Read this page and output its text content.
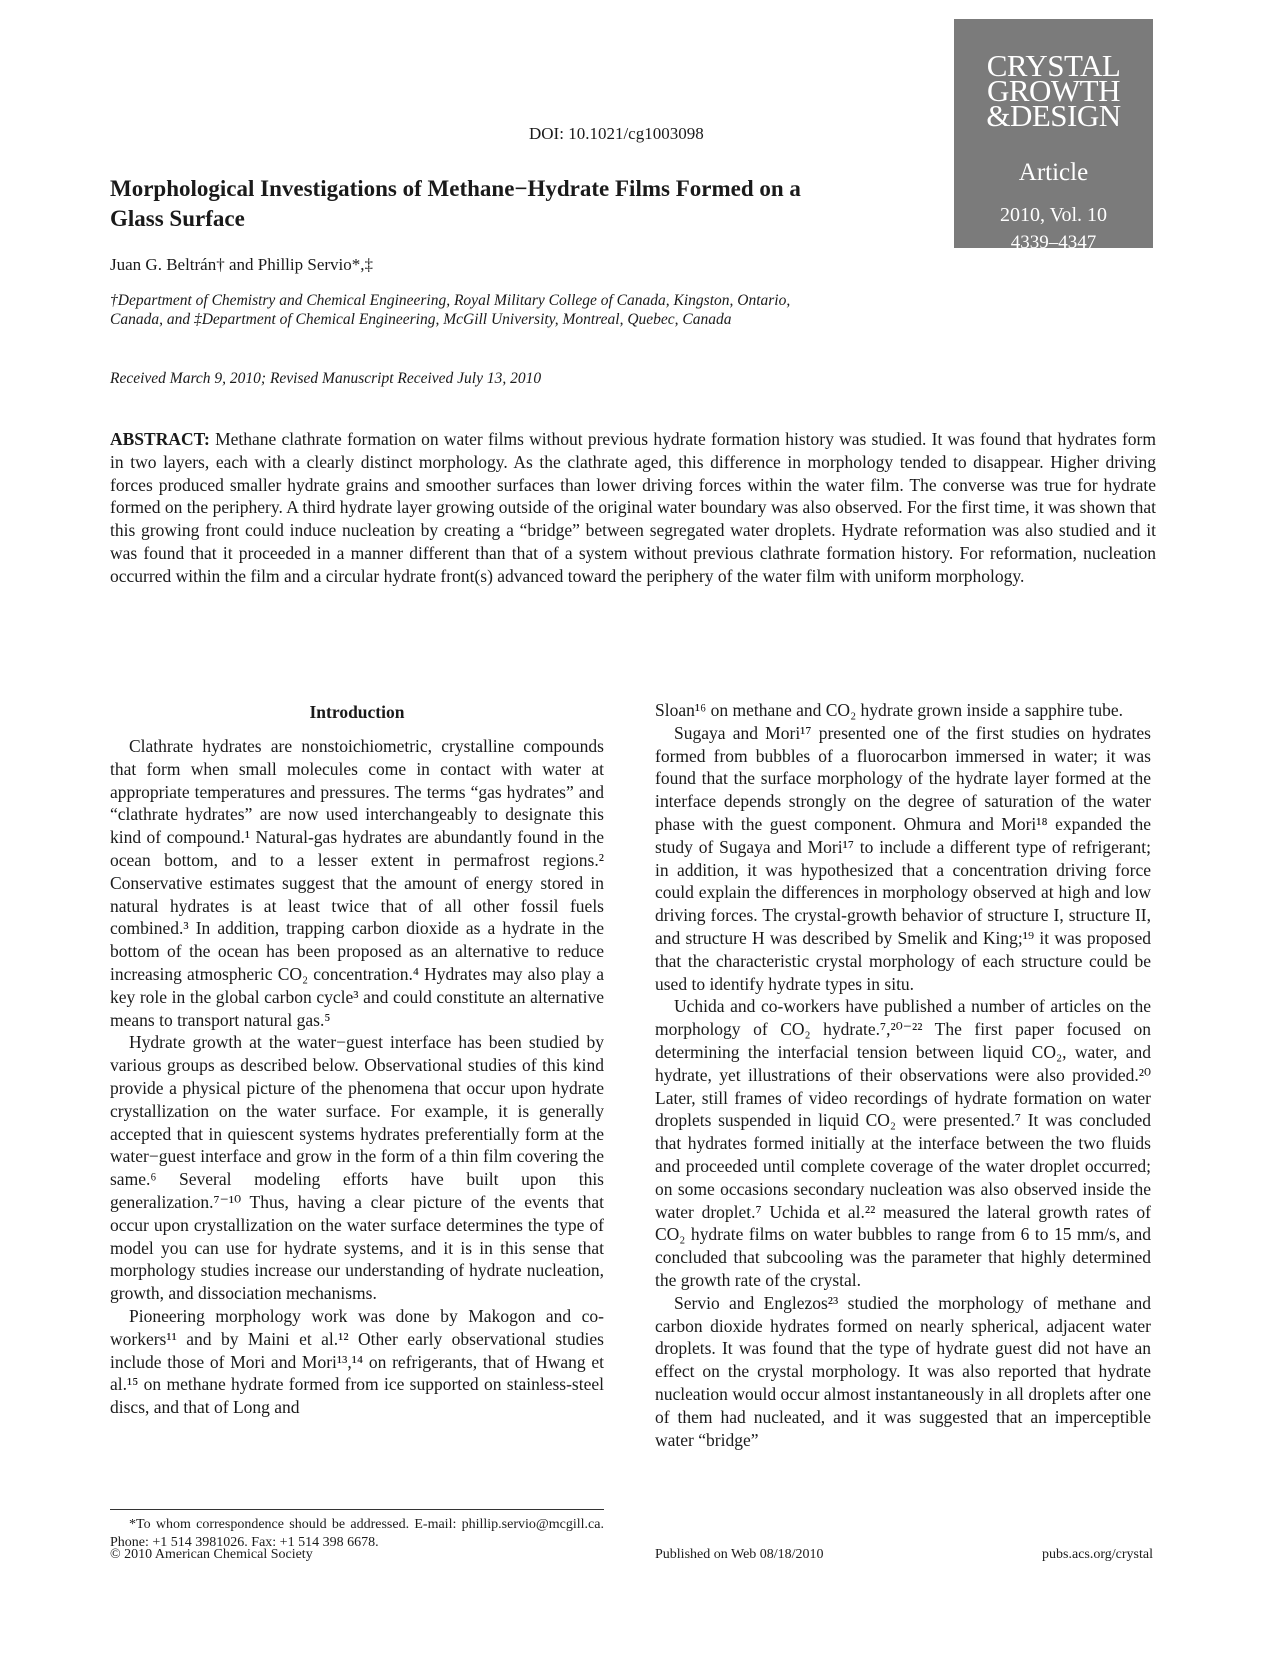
DOI: 10.1021/cg1003098
CRYSTAL
GROWTH
&DESIGN
Article
2010, Vol. 10
4339–4347
Morphological Investigations of Methane−Hydrate Films Formed on a Glass Surface
Juan G. Beltrán† and Phillip Servio*,‡
†Department of Chemistry and Chemical Engineering, Royal Military College of Canada, Kingston, Ontario, Canada, and ‡Department of Chemical Engineering, McGill University, Montreal, Quebec, Canada
Received March 9, 2010; Revised Manuscript Received July 13, 2010
ABSTRACT: Methane clathrate formation on water films without previous hydrate formation history was studied. It was found that hydrates form in two layers, each with a clearly distinct morphology. As the clathrate aged, this difference in morphology tended to disappear. Higher driving forces produced smaller hydrate grains and smoother surfaces than lower driving forces within the water film. The converse was true for hydrate formed on the periphery. A third hydrate layer growing outside of the original water boundary was also observed. For the first time, it was shown that this growing front could induce nucleation by creating a “bridge” between segregated water droplets. Hydrate reformation was also studied and it was found that it proceeded in a manner different than that of a system without previous clathrate formation history. For reformation, nucleation occurred within the film and a circular hydrate front(s) advanced toward the periphery of the water film with uniform morphology.
Introduction

Clathrate hydrates are nonstoichiometric, crystalline compounds that form when small molecules come in contact with water at appropriate temperatures and pressures. The terms “gas hydrates” and “clathrate hydrates” are now used interchangeably to designate this kind of compound.¹ Natural-gas hydrates are abundantly found in the ocean bottom, and to a lesser extent in permafrost regions.² Conservative estimates suggest that the amount of energy stored in natural hydrates is at least twice that of all other fossil fuels combined.³ In addition, trapping carbon dioxide as a hydrate in the bottom of the ocean has been proposed as an alternative to reduce increasing atmospheric CO₂ concentration.⁴ Hydrates may also play a key role in the global carbon cycle³ and could constitute an alternative means to transport natural gas.⁵

Hydrate growth at the water−guest interface has been studied by various groups as described below. Observational studies of this kind provide a physical picture of the phenomena that occur upon hydrate crystallization on the water surface. For example, it is generally accepted that in quiescent systems hydrates preferentially form at the water−guest interface and grow in the form of a thin film covering the same.⁶ Several modeling efforts have built upon this generalization.⁷⁻¹⁰ Thus, having a clear picture of the events that occur upon crystallization on the water surface determines the type of model you can use for hydrate systems, and it is in this sense that morphology studies increase our understanding of hydrate nucleation, growth, and dissociation mechanisms.

Pioneering morphology work was done by Makogon and co-workers¹¹ and by Maini et al.¹² Other early observational studies include those of Mori and Mori¹³,¹⁴ on refrigerants, that of Hwang et al.¹⁵ on methane hydrate formed from ice supported on stainless-steel discs, and that of Long and

Sloan¹⁶ on methane and CO₂ hydrate grown inside a sapphire tube.

Sugaya and Mori¹⁷ presented one of the first studies on hydrates formed from bubbles of a fluorocarbon immersed in water; it was found that the surface morphology of the hydrate layer formed at the interface depends strongly on the degree of saturation of the water phase with the guest component. Ohmura and Mori¹⁸ expanded the study of Sugaya and Mori¹⁷ to include a different type of refrigerant; in addition, it was hypothesized that a concentration driving force could explain the differences in morphology observed at high and low driving forces. The crystal-growth behavior of structure I, structure II, and structure H was described by Smelik and King;¹⁹ it was proposed that the characteristic crystal morphology of each structure could be used to identify hydrate types in situ.

Uchida and co-workers have published a number of articles on the morphology of CO₂ hydrate.⁷,²⁰⁻²² The first paper focused on determining the interfacial tension between liquid CO₂, water, and hydrate, yet illustrations of their observations were also provided.²⁰ Later, still frames of video recordings of hydrate formation on water droplets suspended in liquid CO₂ were presented.⁷ It was concluded that hydrates formed initially at the interface between the two fluids and proceeded until complete coverage of the water droplet occurred; on some occasions secondary nucleation was also observed inside the water droplet.⁷ Uchida et al.²² measured the lateral growth rates of CO₂ hydrate films on water bubbles to range from 6 to 15 mm/s, and concluded that subcooling was the parameter that highly determined the growth rate of the crystal.

Servio and Englezos²³ studied the morphology of methane and carbon dioxide hydrates formed on nearly spherical, adjacent water droplets. It was found that the type of hydrate guest did not have an effect on the crystal morphology. It was also reported that hydrate nucleation would occur almost instantaneously in all droplets after one of them had nucleated, and it was suggested that an imperceptible water “bridge”

*To whom correspondence should be addressed. E-mail: phillip.servio@mcgill.ca. Phone: +1 514 3981026. Fax: +1 514 398 6678.
© 2010 American Chemical Society	Published on Web 08/18/2010	pubs.acs.org/crystal
